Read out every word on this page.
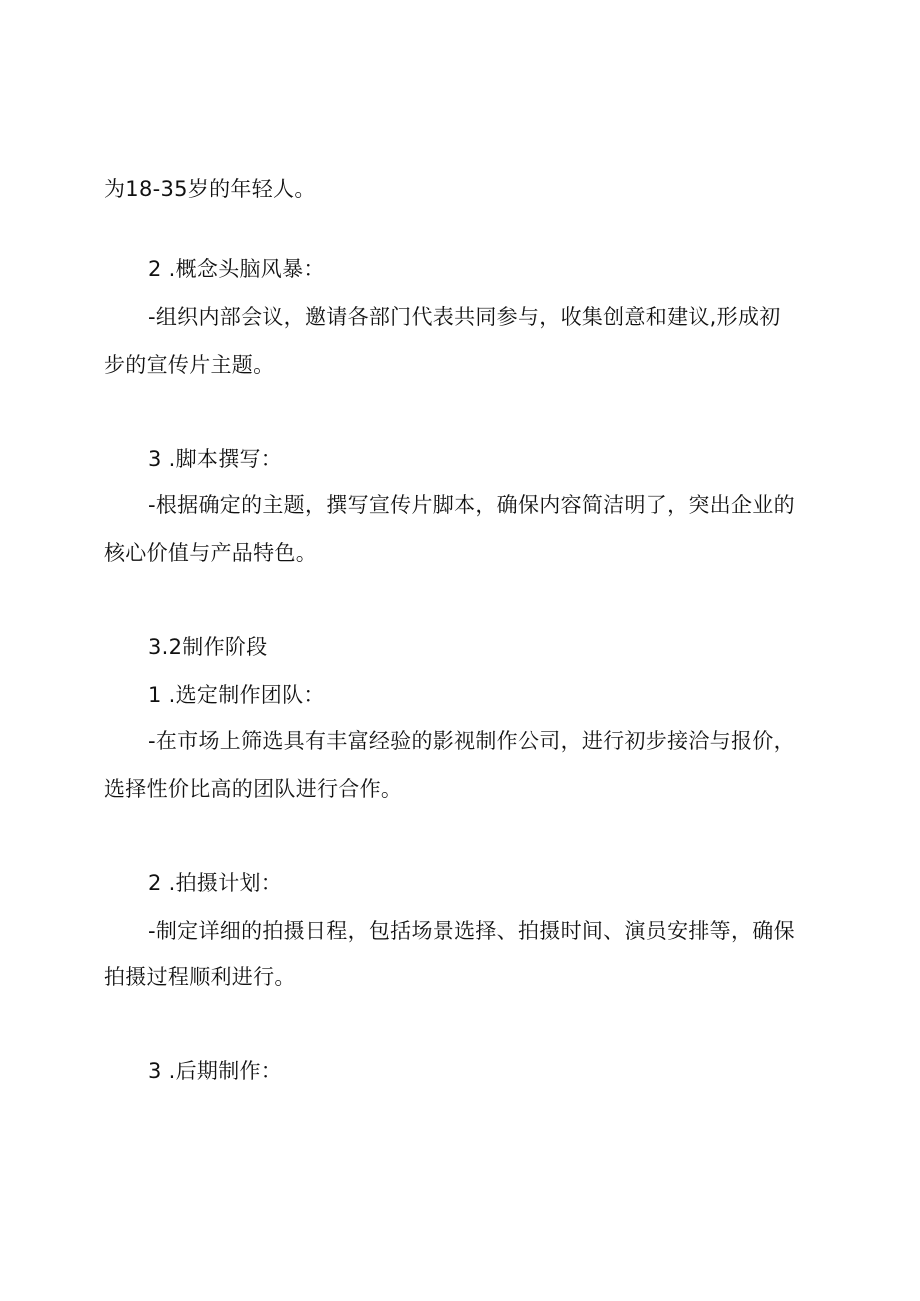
为18-35岁的年轻人。
2 .概念头脑风暴：
-组织内部会议，邀请各部门代表共同参与，收集创意和建议,形成初
步的宣传片主题。
3 .脚本撰写：
-根据确定的主题，撰写宣传片脚本，确保内容简洁明了，突出企业的
核心价值与产品特色。
3.2制作阶段
1 .选定制作团队：
-在市场上筛选具有丰富经验的影视制作公司，进行初步接洽与报价，
选择性价比高的团队进行合作。
2 .拍摄计划：
-制定详细的拍摄日程，包括场景选择、拍摄时间、演员安排等，确保
拍摄过程顺利进行。
3 .后期制作：
